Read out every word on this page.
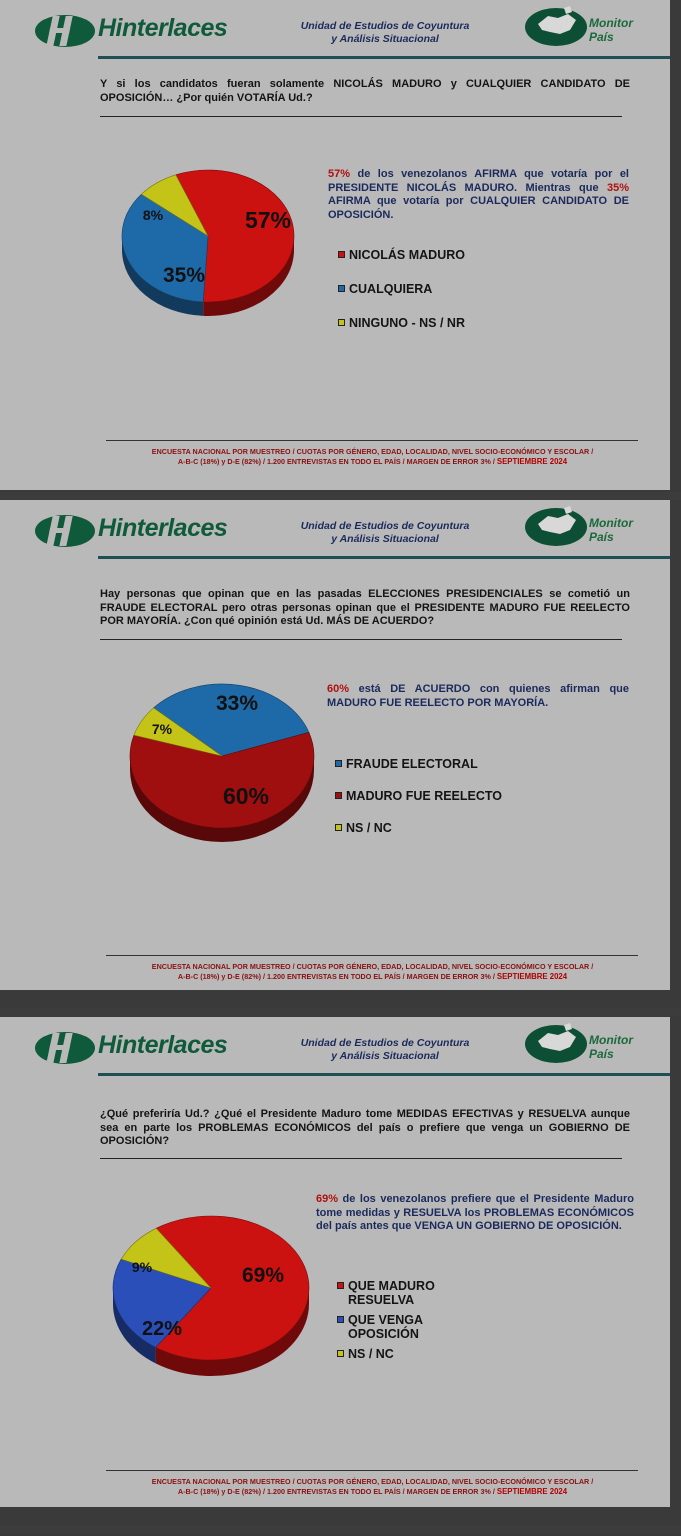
Hinterlaces	Unidad de Estudios de Coyuntura
y Análisis Situacional
Monitor
País
Y si los candidatos fueran solamente NICOLÁS MADURO y CUALQUIER CANDIDATO DE OPOSICIÓN… ¿Por quién VOTARÍA Ud.?
57%
35%
8%
57% de los venezolanos AFIRMA que votaría por el PRESIDENTE NICOLÁS MADURO. Mientras que 35% AFIRMA que votaría por CUALQUIER CANDIDATO DE OPOSICIÓN.
NICOLÁS MADURO
CUALQUIERA
NINGUNO - NS / NR
ENCUESTA NACIONAL POR MUESTREO / CUOTAS POR GÉNERO, EDAD, LOCALIDAD, NIVEL SOCIO-ECONÓMICO Y ESCOLAR /
A-B-C (18%) y D-E (82%) / 1.200 ENTREVISTAS EN TODO EL PAÍS / MARGEN DE ERROR 3% / SEPTIEMBRE 2024
Hinterlaces	Unidad de Estudios de Coyuntura
y Análisis Situacional
Monitor
País
Hay personas que opinan que en las pasadas ELECCIONES PRESIDENCIALES se cometió un FRAUDE ELECTORAL pero otras personas opinan que el PRESIDENTE MADURO FUE REELECTO POR MAYORÍA. ¿Con qué opinión está Ud. MÁS DE ACUERDO?
33%
60%
7%
60% está DE ACUERDO con quienes afirman que MADURO FUE REELECTO POR MAYORÍA.
FRAUDE ELECTORAL
MADURO FUE REELECTO
NS / NC
ENCUESTA NACIONAL POR MUESTREO / CUOTAS POR GÉNERO, EDAD, LOCALIDAD, NIVEL SOCIO-ECONÓMICO Y ESCOLAR /
A-B-C (18%) y D-E (82%) / 1.200 ENTREVISTAS EN TODO EL PAÍS / MARGEN DE ERROR 3% / SEPTIEMBRE 2024
Hinterlaces	Unidad de Estudios de Coyuntura
y Análisis Situacional
Monitor
País
¿Qué preferiría Ud.? ¿Qué el Presidente Maduro tome MEDIDAS EFECTIVAS y RESUELVA aunque sea en parte los PROBLEMAS ECONÓMICOS del país o prefiere que venga un GOBIERNO DE OPOSICIÓN?
69%
22%
9%
69% de los venezolanos prefiere que el Presidente Maduro tome medidas y RESUELVA los PROBLEMAS ECONÓMICOS del país antes que VENGA UN GOBIERNO DE OPOSICIÓN.
QUE MADURO RESUELVA
QUE VENGA OPOSICIÓN
NS / NC
ENCUESTA NACIONAL POR MUESTREO / CUOTAS POR GÉNERO, EDAD, LOCALIDAD, NIVEL SOCIO-ECONÓMICO Y ESCOLAR /
A-B-C (18%) y D-E (82%) / 1.200 ENTREVISTAS EN TODO EL PAÍS / MARGEN DE ERROR 3% / SEPTIEMBRE 2024
